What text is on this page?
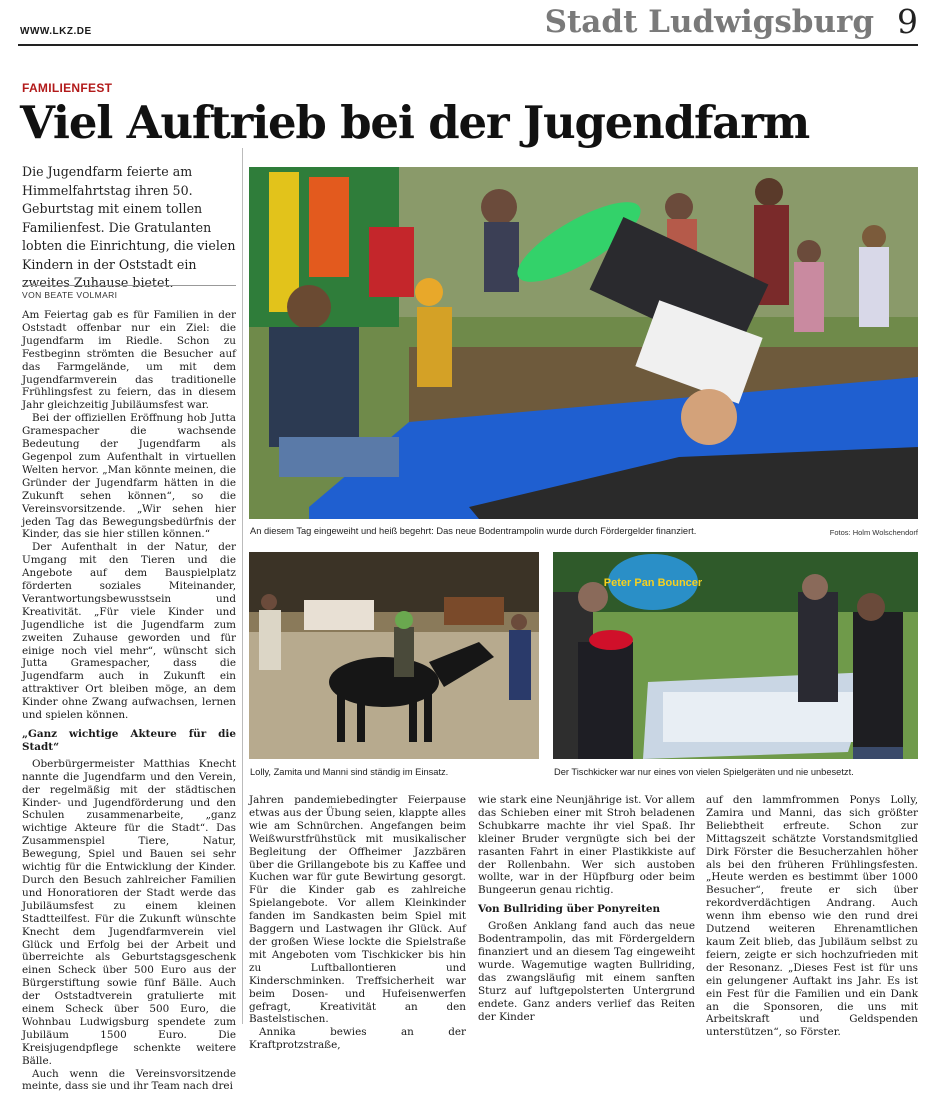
WWW.LKZ.DE	Stadt Ludwigsburg 9
FAMILIENFEST
Viel Auftrieb bei der Jugendfarm
Die Jugendfarm feierte am Himmelfahrtstag ihren 50. Geburtstag mit einem tollen Familienfest. Die Gratulanten lobten die Einrichtung, die vielen Kindern in der Oststadt ein zweites Zuhause bietet.
VON BEATE VOLMARI

Am Feiertag gab es für Familien in der Oststadt offenbar nur ein Ziel: die Jugendfarm im Riedle. Schon zu Festbeginn strömten die Besucher auf das Farmgelände, um mit dem Jugendfarmverein das traditionelle Frühlingsfest zu feiern, das in diesem Jahr gleichzeitig Jubiläumsfest war.

Bei der offiziellen Eröffnung hob Jutta Gramespacher die wachsende Bedeutung der Jugendfarm als Gegenpol zum Aufenthalt in virtuellen Welten hervor. „Man könnte meinen, die Gründer der Jugendfarm hätten in die Zukunft sehen können“, so die Vereinsvorsitzende. „Wir sehen hier jeden Tag das Bewegungsbedürfnis der Kinder, das sie hier stillen können.“

Der Aufenthalt in der Natur, der Umgang mit den Tieren und die Angebote auf dem Bauspielplatz förderten soziales Miteinander, Verantwortungsbewusstsein und Kreativität. „Für viele Kinder und Jugendliche ist die Jugendfarm zum zweiten Zuhause geworden und für einige noch viel mehr“, wünscht sich Jutta Gramespacher, dass die Jugendfarm auch in Zukunft ein attraktiver Ort bleiben möge, an dem Kinder ohne Zwang aufwachsen, lernen und spielen können.

„Ganz wichtige Akteure für die Stadt“

Oberbürgermeister Matthias Knecht nannte die Jugendfarm und den Verein, der regelmäßig mit der städtischen Kinder- und Jugendförderung und den Schulen zusammenarbeite, „ganz wichtige Akteure für die Stadt“. Das Zusammenspiel Tiere, Natur, Bewegung, Spiel und Bauen sei sehr wichtig für die Entwicklung der Kinder. Durch den Besuch zahlreicher Familien und Honoratioren der Stadt werde das Jubiläumsfest zu einem kleinen Stadtteilfest. Für die Zukunft wünschte Knecht dem Jugendfarmverein viel Glück und Erfolg bei der Arbeit und überreichte als Geburtstagsgeschenk einen Scheck über 500 Euro aus der Bürgerstiftung sowie fünf Bälle. Auch der Oststadtverein gratulierte mit einem Scheck über 500 Euro, die Wohnbau Ludwigsburg spendete zum Jubiläum 1500 Euro. Die Kreisjugendpflege schenkte weitere Bälle.

Auch wenn die Vereinsvorsitzende meinte, dass sie und ihr Team nach drei

An diesem Tag eingeweiht und heiß begehrt: Das neue Bodentrampolin wurde durch Fördergelder finanziert.	Fotos: Holm Wolschendorf
Lolly, Zamita und Manni sind ständig im Einsatz.
Peter Pan Bouncer
Der Tischkicker war nur eines von vielen Spielgeräten und nie unbesetzt.

Jahren pandemiebedingter Feierpause etwas aus der Übung seien, klappte alles wie am Schnürchen. Angefangen beim Weißwurstfrühstück mit musikalischer Begleitung der Offheimer Jazzbären über die Grillangebote bis zu Kaffee und Kuchen war für gute Bewirtung gesorgt. Für die Kinder gab es zahlreiche Spielangebote. Vor allem Kleinkinder fanden im Sandkasten beim Spiel mit Baggern und Lastwagen ihr Glück. Auf der großen Wiese lockte die Spielstraße mit Angeboten vom Tischkicker bis hin zu Luftballontieren und Kinderschminken. Treffsicherheit war beim Dosen- und Hufeisenwerfen gefragt, Kreativität an den Bastelstischen.

Annika bewies an der Kraftprotzstraße,

wie stark eine Neunjährige ist. Vor allem das Schieben einer mit Stroh beladenen Schubkarre machte ihr viel Spaß. Ihr kleiner Bruder vergnügte sich bei der rasanten Fahrt in einer Plastikkiste auf der Rollenbahn. Wer sich austoben wollte, war in der Hüpfburg oder beim Bungeerun genau richtig.

Von Bullriding über Ponyreiten

Großen Anklang fand auch das neue Bodentrampolin, das mit Fördergeldern finanziert und an diesem Tag eingeweiht wurde. Wagemutige wagten Bullriding, das zwangsläufig mit einem sanften Sturz auf luftgepolsterten Untergrund endete. Ganz anders verlief das Reiten der Kinder

auf den lammfrommen Ponys Lolly, Zamira und Manni, das sich größter Beliebtheit erfreute. Schon zur Mittagszeit schätzte Vorstandsmitglied Dirk Förster die Besucherzahlen höher als bei den früheren Frühlingsfesten. „Heute werden es bestimmt über 1000 Besucher“, freute er sich über rekordverdächtigen Andrang. Auch wenn ihm ebenso wie den rund drei Dutzend weiteren Ehrenamtlichen kaum Zeit blieb, das Jubiläum selbst zu feiern, zeigte er sich hochzufrieden mit der Resonanz. „Dieses Fest ist für uns ein gelungener Auftakt ins Jahr. Es ist ein Fest für die Familien und ein Dank an die Sponsoren, die uns mit Arbeitskraft und Geldspenden unterstützen“, so Förster.
